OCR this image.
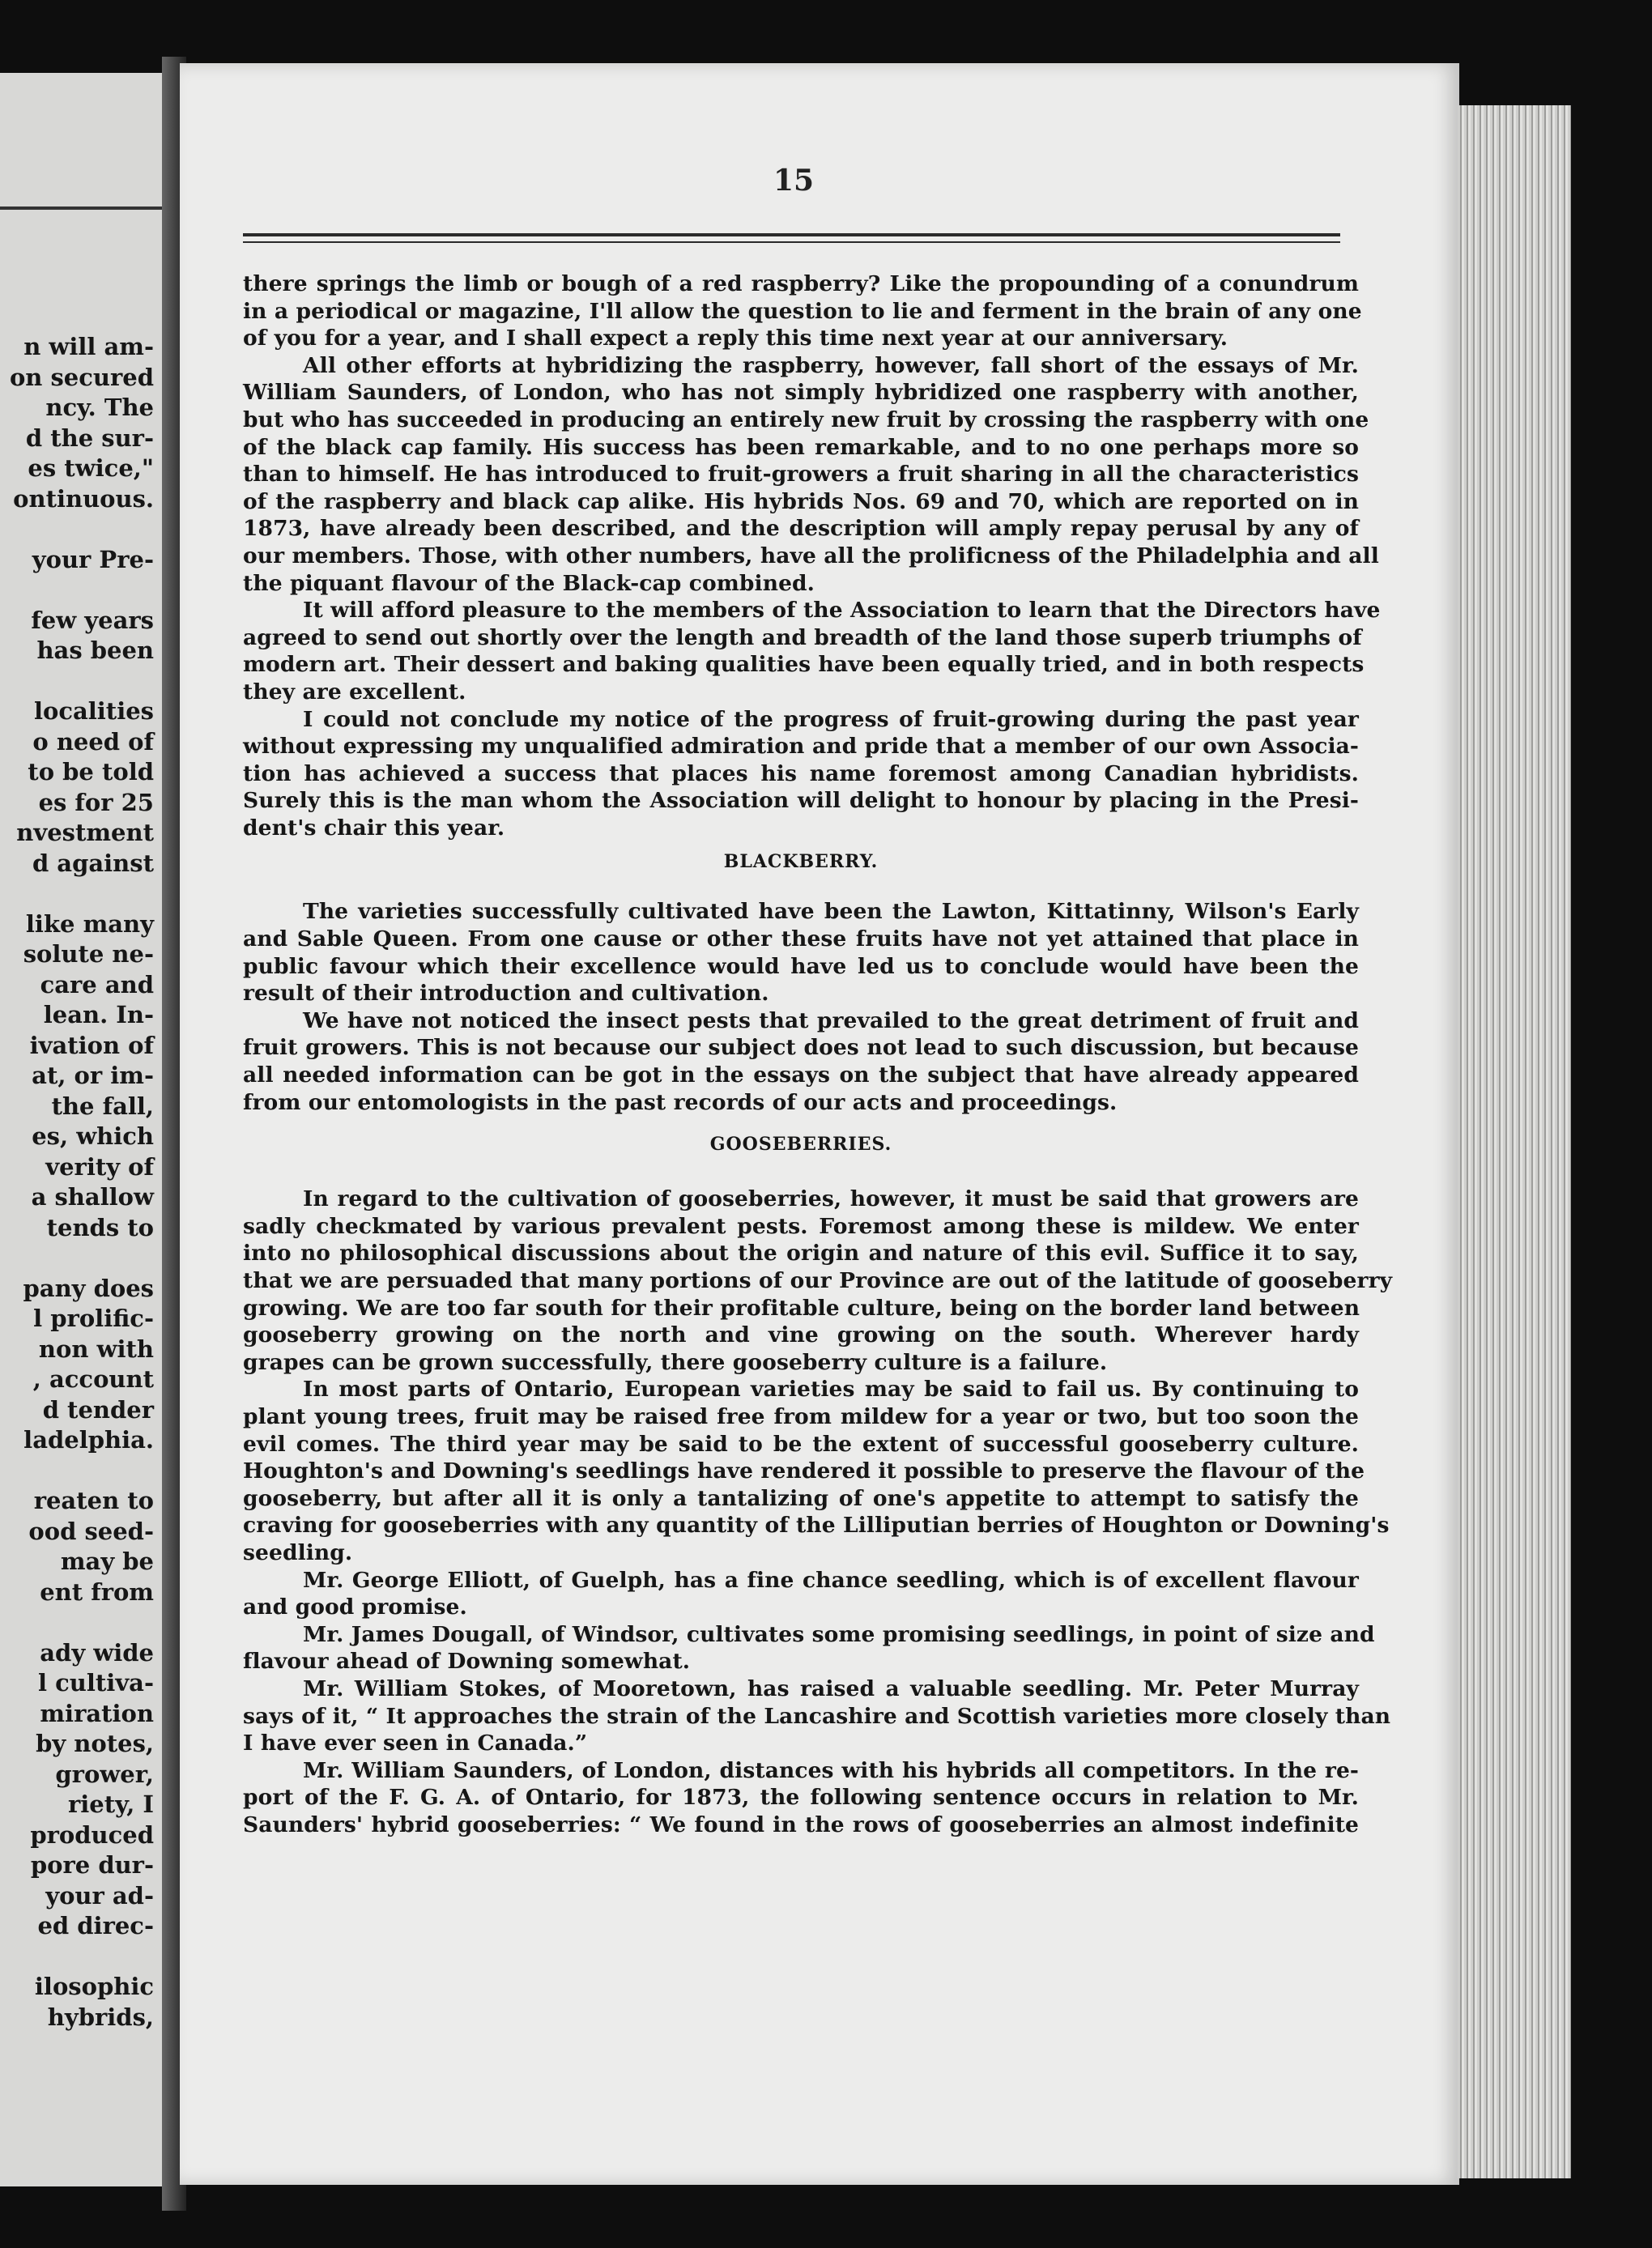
n will am-
on secured
ncy. The
d the sur-
es twice,"
ontinuous.
your Pre-
few years
has been
localities
o need of
to be told
es for 25
nvestment
d against
like many
solute ne-
care and
lean. In-
ivation of
at, or im-
the fall,
es, which
verity of
a shallow
tends to
pany does
l prolific-
non with
, account
d tender
ladelphia.
reaten to
ood seed-
may be
ent from
ady wide
l cultiva-
miration
by notes,
grower,
riety, I
produced
pore dur-
your ad-
ed direc-
ilosophic
hybrids,
15
there springs the limb or bough of a red raspberry? Like the propounding of a conundrum
in a periodical or magazine, I'll allow the question to lie and ferment in the brain of any one
of you for a year, and I shall expect a reply this time next year at our anniversary.
All other efforts at hybridizing the raspberry, however, fall short of the essays of Mr.
William Saunders, of London, who has not simply hybridized one raspberry with another,
but who has succeeded in producing an entirely new fruit by crossing the raspberry with one
of the black cap family. His success has been remarkable, and to no one perhaps more so
than to himself. He has introduced to fruit-growers a fruit sharing in all the characteristics
of the raspberry and black cap alike. His hybrids Nos. 69 and 70, which are reported on in
1873, have already been described, and the description will amply repay perusal by any of
our members. Those, with other numbers, have all the prolificness of the Philadelphia and all
the piquant flavour of the Black-cap combined.
It will afford pleasure to the members of the Association to learn that the Directors have
agreed to send out shortly over the length and breadth of the land those superb triumphs of
modern art. Their dessert and baking qualities have been equally tried, and in both respects
they are excellent.
I could not conclude my notice of the progress of fruit-growing during the past year
without expressing my unqualified admiration and pride that a member of our own Associa-
tion has achieved a success that places his name foremost among Canadian hybridists.
Surely this is the man whom the Association will delight to honour by placing in the Presi-
dent's chair this year.
BLACKBERRY.
The varieties successfully cultivated have been the Lawton, Kittatinny, Wilson's Early
and Sable Queen. From one cause or other these fruits have not yet attained that place in
public favour which their excellence would have led us to conclude would have been the
result of their introduction and cultivation.
We have not noticed the insect pests that prevailed to the great detriment of fruit and
fruit growers. This is not because our subject does not lead to such discussion, but because
all needed information can be got in the essays on the subject that have already appeared
from our entomologists in the past records of our acts and proceedings.
GOOSEBERRIES.
In regard to the cultivation of gooseberries, however, it must be said that growers are
sadly checkmated by various prevalent pests. Foremost among these is mildew. We enter
into no philosophical discussions about the origin and nature of this evil. Suffice it to say,
that we are persuaded that many portions of our Province are out of the latitude of gooseberry
growing. We are too far south for their profitable culture, being on the border land between
gooseberry growing on the north and vine growing on the south. Wherever hardy
grapes can be grown successfully, there gooseberry culture is a failure.
In most parts of Ontario, European varieties may be said to fail us. By continuing to
plant young trees, fruit may be raised free from mildew for a year or two, but too soon the
evil comes. The third year may be said to be the extent of successful gooseberry culture.
Houghton's and Downing's seedlings have rendered it possible to preserve the flavour of the
gooseberry, but after all it is only a tantalizing of one's appetite to attempt to satisfy the
craving for gooseberries with any quantity of the Lilliputian berries of Houghton or Downing's
seedling.
Mr. George Elliott, of Guelph, has a fine chance seedling, which is of excellent flavour
and good promise.
Mr. James Dougall, of Windsor, cultivates some promising seedlings, in point of size and
flavour ahead of Downing somewhat.
Mr. William Stokes, of Mooretown, has raised a valuable seedling. Mr. Peter Murray
says of it, “ It approaches the strain of the Lancashire and Scottish varieties more closely than
I have ever seen in Canada.”
Mr. William Saunders, of London, distances with his hybrids all competitors. In the re-
port of the F. G. A. of Ontario, for 1873, the following sentence occurs in relation to Mr.
Saunders' hybrid gooseberries: “ We found in the rows of gooseberries an almost indefinite
